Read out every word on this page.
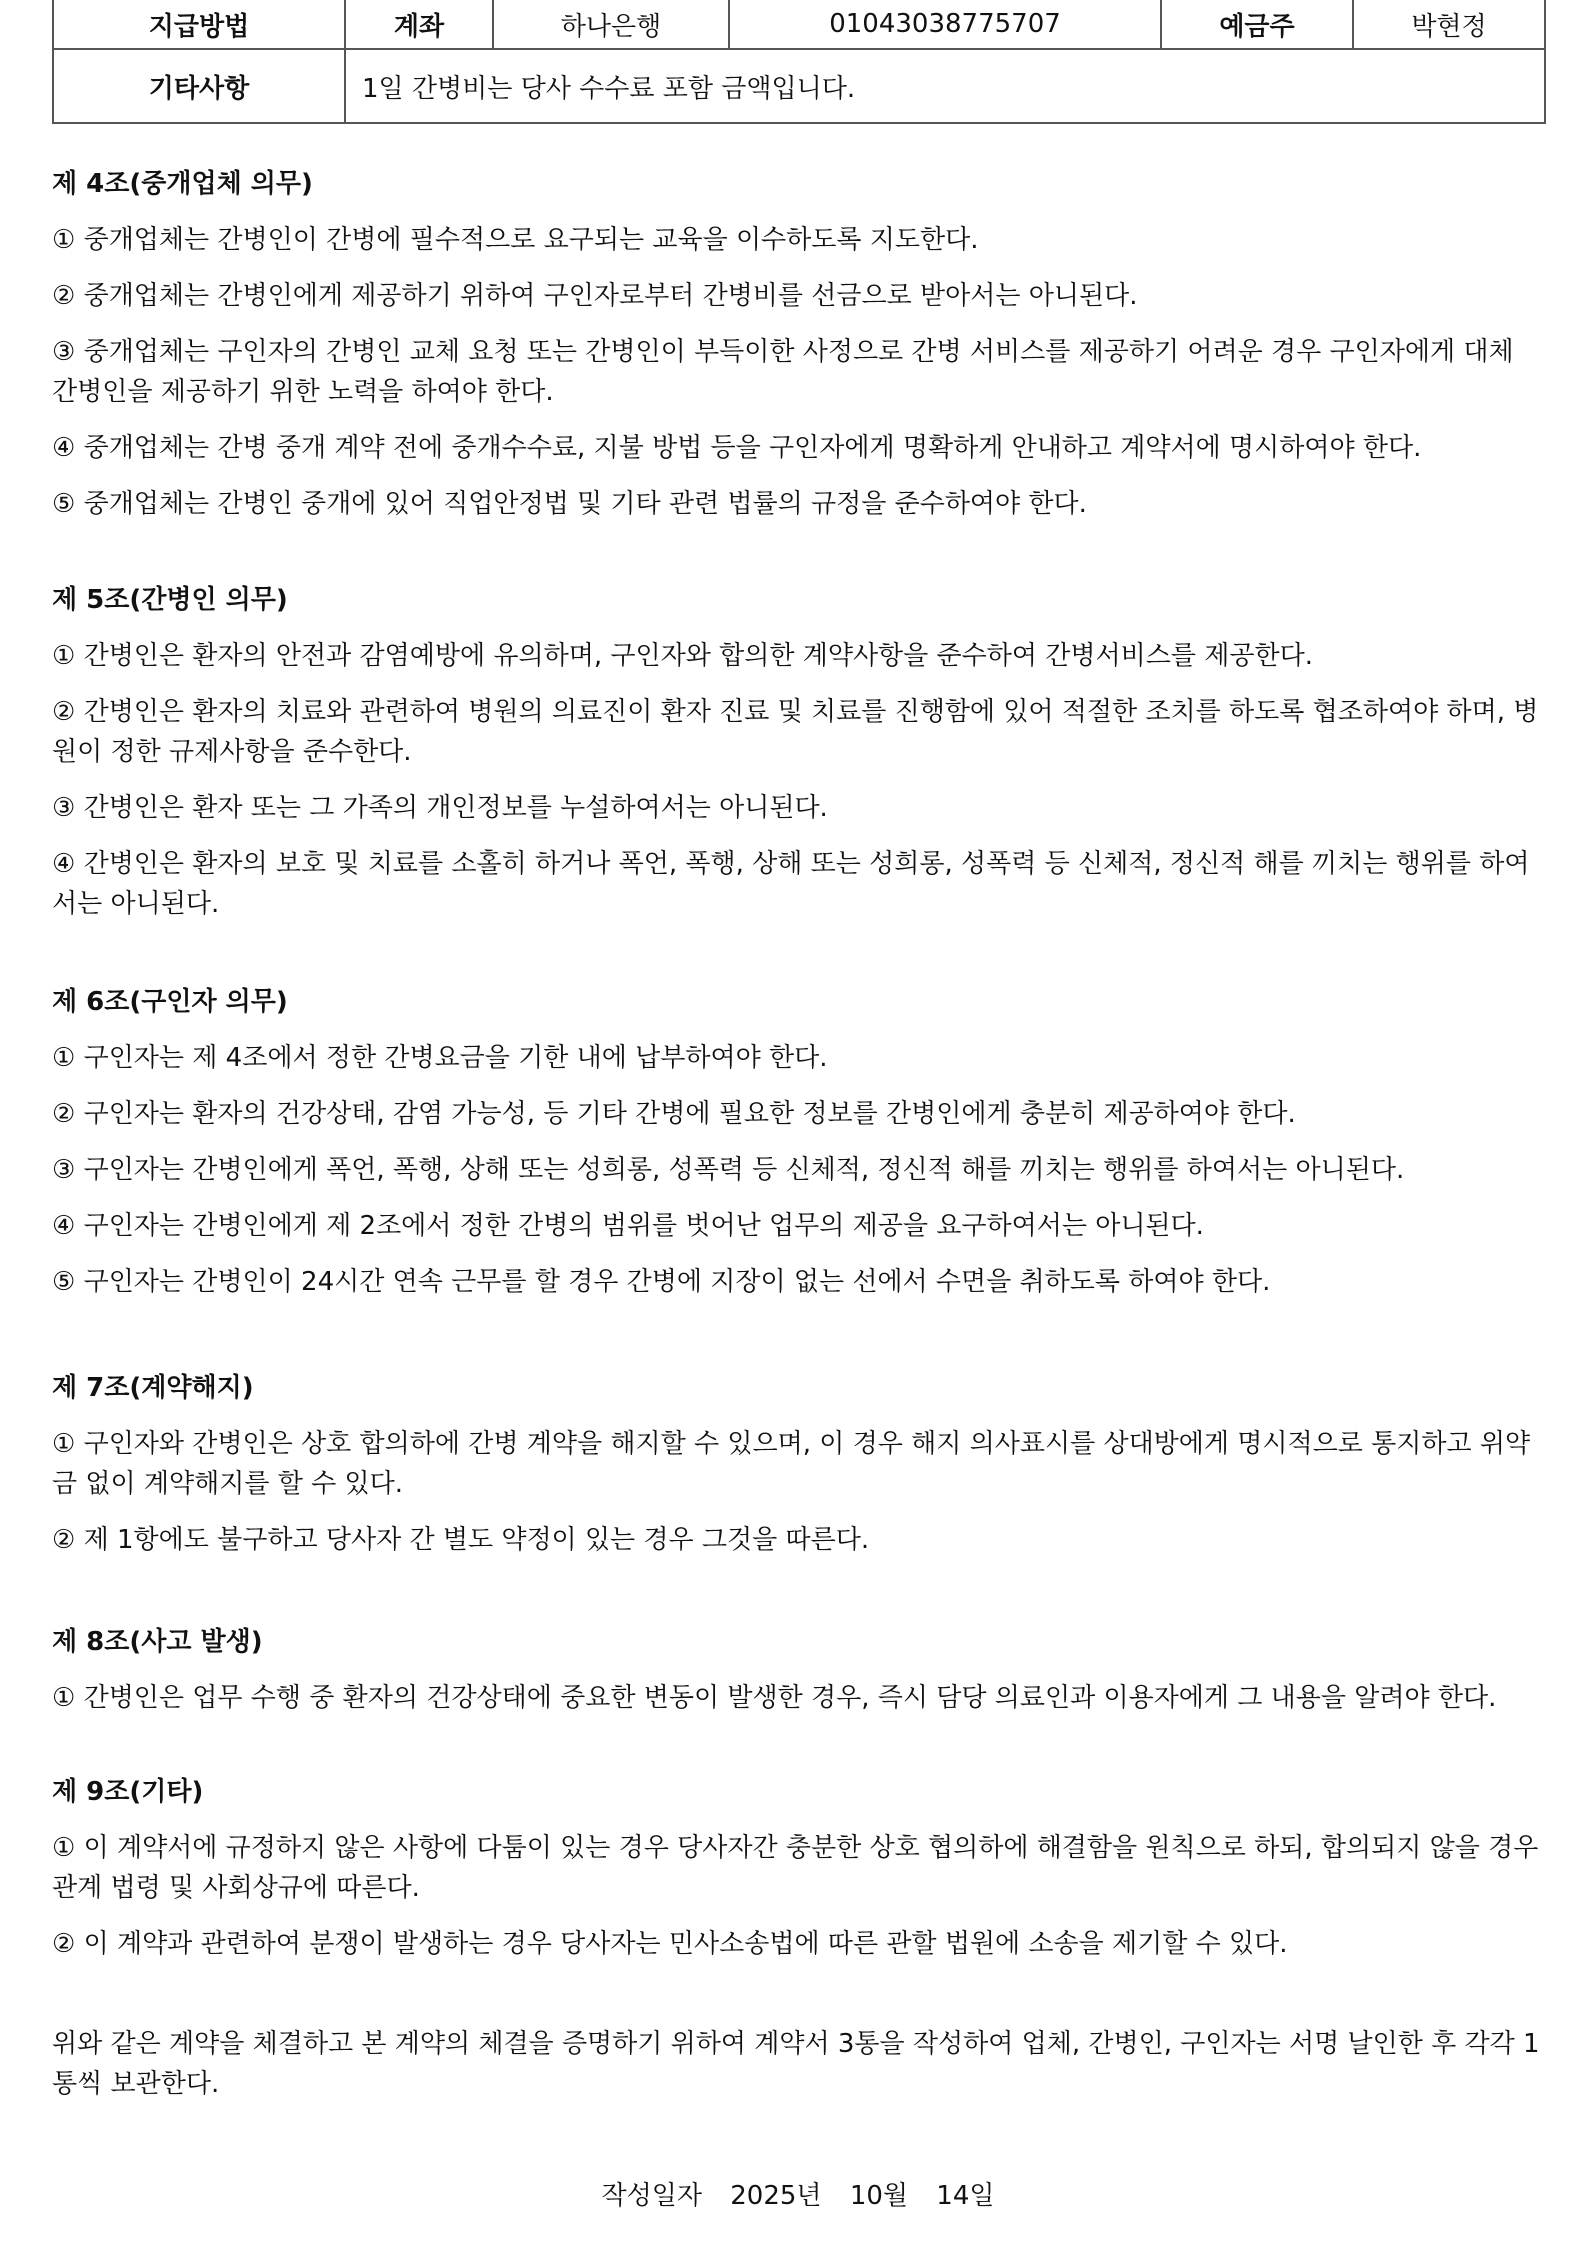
지급방법	계좌	하나은행	01043038775707	예금주	박현정
기타사항	1일 간병비는 당사 수수료 포함 금액입니다.				

제 4조(중개업체 의무)

① 중개업체는 간병인이 간병에 필수적으로 요구되는 교육을 이수하도록 지도한다.

② 중개업체는 간병인에게 제공하기 위하여 구인자로부터 간병비를 선금으로 받아서는 아니된다.

③ 중개업체는 구인자의 간병인 교체 요청 또는 간병인이 부득이한 사정으로 간병 서비스를 제공하기 어려운 경우 구인자에게 대체 간병인을 제공하기 위한 노력을 하여야 한다.

④ 중개업체는 간병 중개 계약 전에 중개수수료, 지불 방법 등을 구인자에게 명확하게 안내하고 계약서에 명시하여야 한다.

⑤ 중개업체는 간병인 중개에 있어 직업안정법 및 기타 관련 법률의 규정을 준수하여야 한다.

제 5조(간병인 의무)

① 간병인은 환자의 안전과 감염예방에 유의하며, 구인자와 합의한 계약사항을 준수하여 간병서비스를 제공한다.

② 간병인은 환자의 치료와 관련하여 병원의 의료진이 환자 진료 및 치료를 진행함에 있어 적절한 조치를 하도록 협조하여야 하며, 병원이 정한 규제사항을 준수한다.

③ 간병인은 환자 또는 그 가족의 개인정보를 누설하여서는 아니된다.

④ 간병인은 환자의 보호 및 치료를 소홀히 하거나 폭언, 폭행, 상해 또는 성희롱, 성폭력 등 신체적, 정신적 해를 끼치는 행위를 하여서는 아니된다.

제 6조(구인자 의무)

① 구인자는 제 4조에서 정한 간병요금을 기한 내에 납부하여야 한다.

② 구인자는 환자의 건강상태, 감염 가능성, 등 기타 간병에 필요한 정보를 간병인에게 충분히 제공하여야 한다.

③ 구인자는 간병인에게 폭언, 폭행, 상해 또는 성희롱, 성폭력 등 신체적, 정신적 해를 끼치는 행위를 하여서는 아니된다.

④ 구인자는 간병인에게 제 2조에서 정한 간병의 범위를 벗어난 업무의 제공을 요구하여서는 아니된다.

⑤ 구인자는 간병인이 24시간 연속 근무를 할 경우 간병에 지장이 없는 선에서 수면을 취하도록 하여야 한다.

제 7조(계약해지)

① 구인자와 간병인은 상호 합의하에 간병 계약을 해지할 수 있으며, 이 경우 해지 의사표시를 상대방에게 명시적으로 통지하고 위약금 없이 계약해지를 할 수 있다.

② 제 1항에도 불구하고 당사자 간 별도 약정이 있는 경우 그것을 따른다.

제 8조(사고 발생)

① 간병인은 업무 수행 중 환자의 건강상태에 중요한 변동이 발생한 경우, 즉시 담당 의료인과 이용자에게 그 내용을 알려야 한다.

제 9조(기타)

① 이 계약서에 규정하지 않은 사항에 다툼이 있는 경우 당사자간 충분한 상호 협의하에 해결함을 원칙으로 하되, 합의되지 않을 경우 관계 법령 및 사회상규에 따른다.

② 이 계약과 관련하여 분쟁이 발생하는 경우 당사자는 민사소송법에 따른 관할 법원에 소송을 제기할 수 있다.

위와 같은 계약을 체결하고 본 계약의 체결을 증명하기 위하여 계약서 3통을 작성하여 업체, 간병인, 구인자는 서명 날인한 후 각각 1통씩 보관한다.

작성일자 2025년 10월 14일
